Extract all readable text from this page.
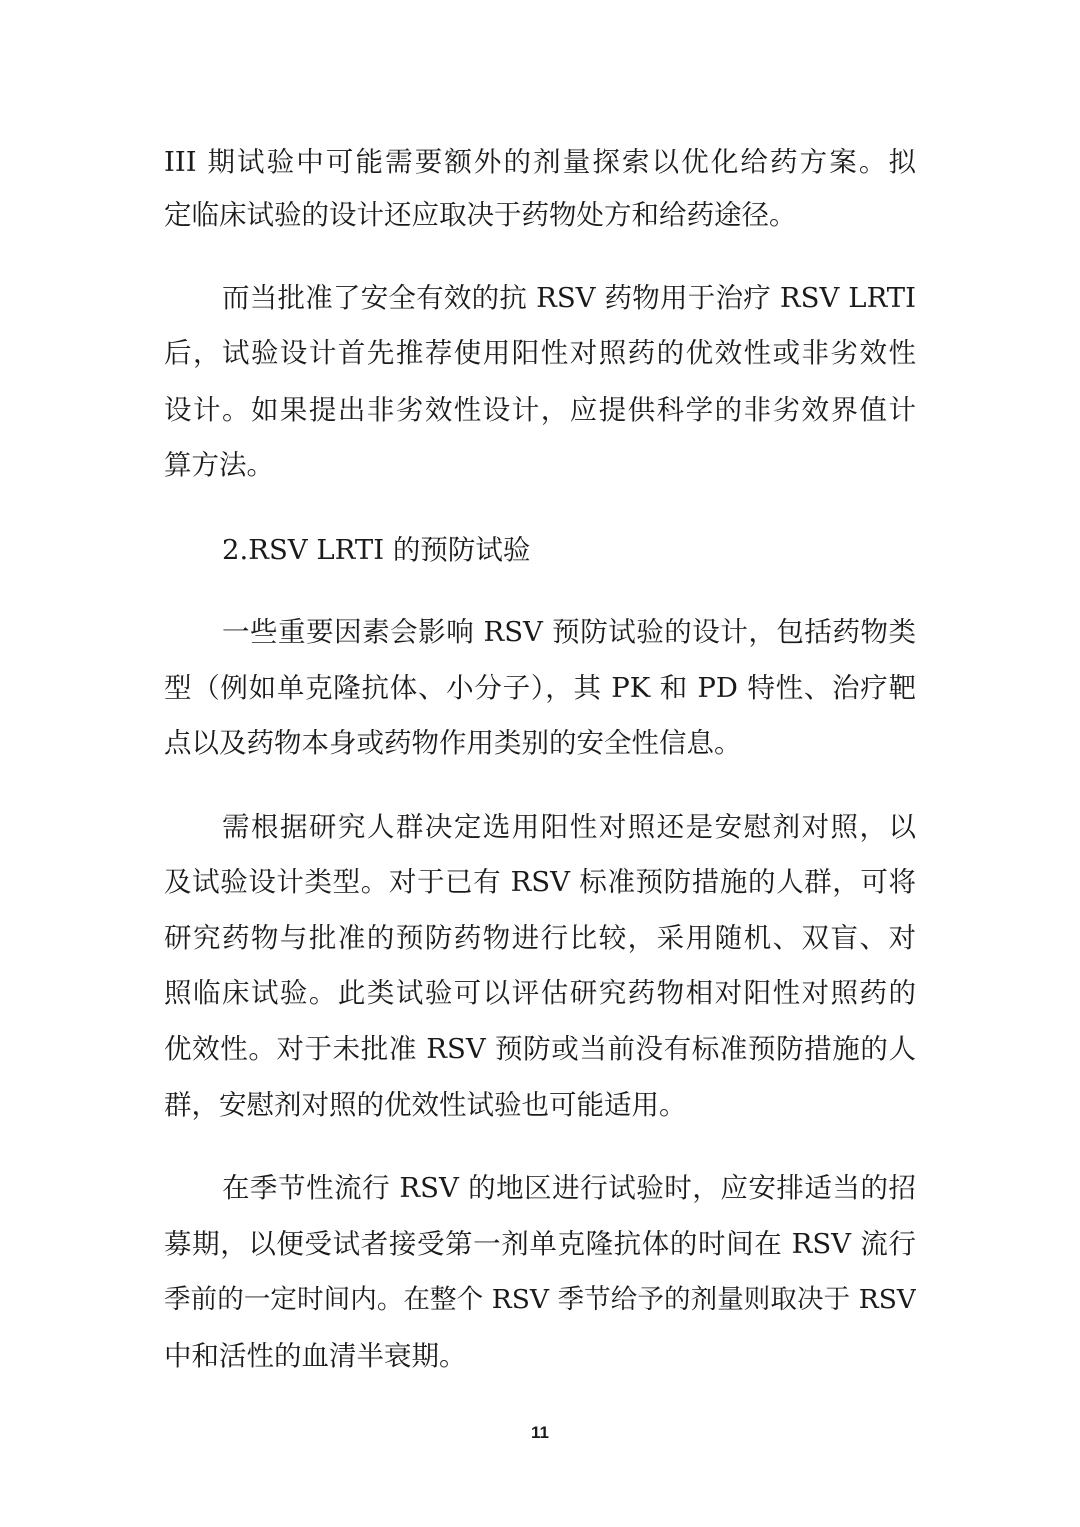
III 期试验中可能需要额外的剂量探索以优化给药方案。拟
定临床试验的设计还应取决于药物处方和给药途径。
而当批准了安全有效的抗 RSV 药物用于治疗 RSV LRTI
后，试验设计首先推荐使用阳性对照药的优效性或非劣效性
设计。如果提出非劣效性设计，应提供科学的非劣效界值计
算方法。
2.RSV LRTI 的预防试验
一些重要因素会影响 RSV 预防试验的设计，包括药物类
型（例如单克隆抗体、小分子），其 PK 和 PD 特性、治疗靶
点以及药物本身或药物作用类别的安全性信息。
需根据研究人群决定选用阳性对照还是安慰剂对照，以
及试验设计类型。对于已有 RSV 标准预防措施的人群，可将
研究药物与批准的预防药物进行比较，采用随机、双盲、对
照临床试验。此类试验可以评估研究药物相对阳性对照药的
优效性。对于未批准 RSV 预防或当前没有标准预防措施的人
群，安慰剂对照的优效性试验也可能适用。
在季节性流行 RSV 的地区进行试验时，应安排适当的招
募期，以便受试者接受第一剂单克隆抗体的时间在 RSV 流行
季前的一定时间内。在整个 RSV 季节给予的剂量则取决于 RSV
中和活性的血清半衰期。
11
